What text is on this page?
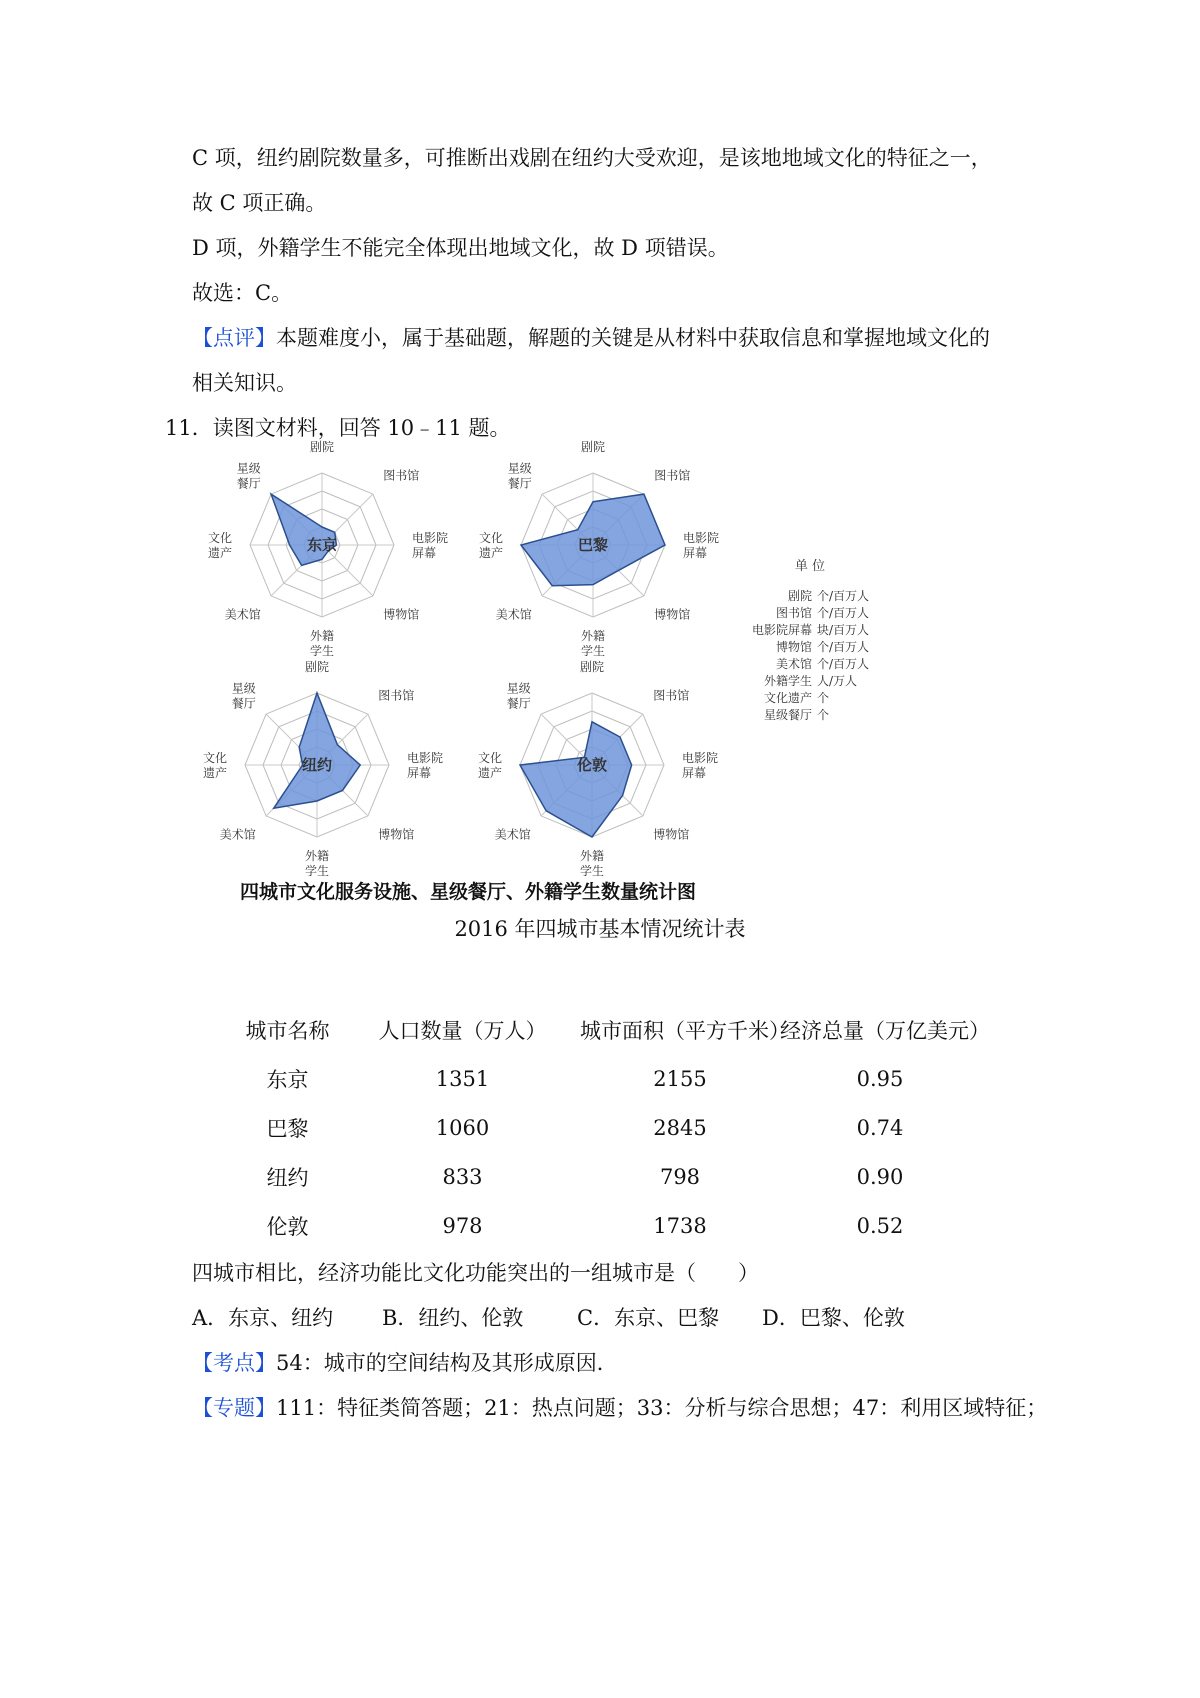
C 项，纽约剧院数量多，可推断出戏剧在纽约大受欢迎，是该地地域文化的特征之一，
故 C 项正确。
D 项，外籍学生不能完全体现出地域文化，故 D 项错误。
故选：C。
【点评】本题难度小，属于基础题，解题的关键是从材料中获取信息和掌握地域文化的
相关知识。
11．读图文材料，回答 10﹣11 题。
东京
剧院
图书馆
电影院屏幕
博物馆
外籍学生
美术馆
文化遗产
星级餐厅
巴黎
剧院
图书馆
电影院屏幕
博物馆
外籍学生
美术馆
文化遗产
星级餐厅
纽约
剧院
图书馆
电影院屏幕
博物馆
外籍学生
美术馆
文化遗产
星级餐厅
伦敦
剧院
图书馆
电影院屏幕
博物馆
外籍学生
美术馆
文化遗产
星级餐厅
单 位
剧院 个/百万人
图书馆 个/百万人
电影院屏幕 块/百万人
博物馆 个/百万人
美术馆 个/百万人
外籍学生 人/万人
文化遗产 个
星级餐厅 个
四城市文化服务设施、星级餐厅、外籍学生数量统计图
2016 年四城市基本情况统计表
城市名称	人口数量（万人）	城市面积（平方千米）	经济总量（万亿美元）
东京	1351	2155	0.95
巴黎	1060	2845	0.74
纽约	833	798	0.90
伦敦	978	1738	0.52
四城市相比，经济功能比文化功能突出的一组城市是（　　）
A．东京、纽约 B．纽约、伦敦	C．东京、巴黎 D．巴黎、伦敦
【考点】54：城市的空间结构及其形成原因．
【专题】111：特征类简答题；21：热点问题；33：分析与综合思想；47：利用区域特征；
